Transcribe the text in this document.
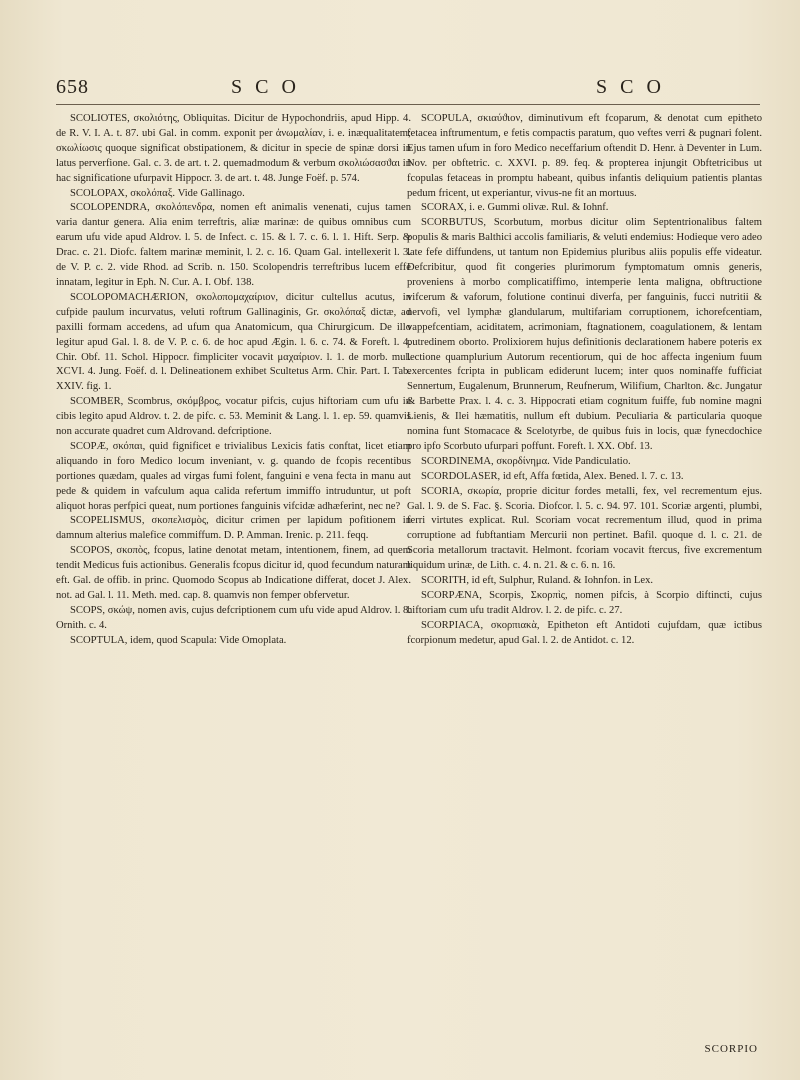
658	S C O	S C O

SCOLIOTES, σκολιότης, Obliquitas. Dicitur de Hypochondriis, apud Hipp. 4. de R. V. I. A. t. 87. ubi Gal. in comm. exponit per ἀνωμαλίαν, i. e. inæqualitatem; σκωλίωσις quoque significat obstipationem, & dicitur in specie de spinæ dorsi in latus perverfione. Gal. c. 3. de art. t. 2. quemadmodum & verbum σκολιώσασϑαι in hac significatione ufurpavit Hippocr. 3. de art. t. 48. Junge Foëf. p. 574.

SCOLOPAX, σκολόπαξ. Vide Gallinago.

SCOLOPENDRA, σκολόπενδρα, nomen eft animalis venenati, cujus tamen varia dantur genera. Alia enim terreftris, aliæ marinæ: de quibus omnibus cum earum ufu vide apud Aldrov. l. 5. de Infect. c. 15. & l. 7. c. 6. l. 1. Hift. Serp. & Drac. c. 21. Diofc. faltem marinæ meminit, l. 2. c. 16. Quam Gal. intellexerit l. 3. de V. P. c. 2. vide Rhod. ad Scrib. n. 150. Scolopendris terreftribus lucem effe innatam, legitur in Eph. N. Cur. A. I. Obf. 138.

SCOLOPOMACHÆRION, σκολοπομαχαίριον, dicitur cultellus acutus, in cufpide paulum incurvatus, veluti roftrum Gallinaginis, Gr. σκολόπαξ dictæ, ad paxilli formam accedens, ad ufum qua Anatomicum, qua Chirurgicum. De illo legitur apud Gal. l. 8. de V. P. c. 6. de hoc apud Ægin. l. 6. c. 74. & Foreft. l. 4. Chir. Obf. 11. Schol. Hippocr. fimpliciter vocavit μαχαίριον. l. 1. de morb. mul. XCVI. 4. Jung. Foëf. d. l. Delineationem exhibet Scultetus Arm. Chir. Part. I. Tab. XXIV. fig. 1.

SCOMBER, Scombrus, σκόμβρος, vocatur pifcis, cujus hiftoriam cum ufu in cibis legito apud Aldrov. t. 2. de pifc. c. 53. Meminit & Lang. l. 1. ep. 59. quamvis non accurate quadret cum Aldrovand. defcriptione.

SCOPÆ, σκόπαι, quid fignificet e trivialibus Lexicis fatis conftat, licet etiam aliquando in foro Medico locum inveniant, v. g. quando de fcopis recentibus portiones quædam, quales ad virgas fumi folent, fanguini e vena fecta in manu aut pede & quidem in vafculum aqua calida refertum immiffo intruduntur, ut poft aliquot horas perfpici queat, num portiones fanguinis vifcidæ adhæferint, nec ne?

SCOPELISMUS, σκοπελισμὸς, dicitur crimen per lapidum pofitionem in damnum alterius malefice commiffum. D. P. Amman. Irenic. p. 211. feqq.

SCOPOS, σκοπὸς, fcopus, latine denotat metam, intentionem, finem, ad quem tendit Medicus fuis actionibus. Generalis fcopus dicitur id, quod fecundum naturam eft. Gal. de offib. in princ. Quomodo Scopus ab Indicatione differat, docet J. Alex. not. ad Gal. l. 11. Meth. med. cap. 8. quamvis non femper obfervetur.

SCOPS, σκώψ, nomen avis, cujus defcriptionem cum ufu vide apud Aldrov. l. 8. Ornith. c. 4.

SCOPTULA, idem, quod Scapula: Vide Omoplata.

SCOPULA, σκιαύϑιον, diminutivum eft fcoparum, & denotat cum epitheto fetacea inftrumentum, e fetis compactis paratum, quo veftes verri & pugnari folent. Ejus tamen ufum in foro Medico neceffarium oftendit D. Henr. à Deventer in Lum. Nov. per obftetric. c. XXVI. p. 89. feq. & propterea injungit Obftetricibus ut fcopulas fetaceas in promptu habeant, quibus infantis deliquium patientis plantas pedum fricent, ut experiantur, vivus-ne fit an mortuus.

SCORAX, i. e. Gummi olivæ. Rul. & Iohnf.

SCORBUTUS, Scorbutum, morbus dicitur olim Septentrionalibus faltem populis & maris Balthici accolis familiaris, & veluti endemius: Hodieque vero adeo late fefe diffundens, ut tantum non Epidemius pluribus aliis populis effe videatur. Defcribitur, quod fit congeries plurimorum fymptomatum omnis generis, proveniens à morbo complicatiffimo, intemperie lenta maligna, obftructione vifcerum & vaforum, folutione continui diverfa, per fanguinis, fucci nutritii & nervofi, vel lymphæ glandularum, multifariam corruptionem, ichorefcentiam, vappefcentiam, aciditatem, acrimoniam, ftagnationem, coagulationem, & lentam putredinem oborto. Prolixiorem hujus definitionis declarationem habere poteris ex lectione quamplurium Autorum recentiorum, qui de hoc affecta ingenium fuum exercentes fcripta in publicam ediderunt lucem; inter quos nominaffe fufficiat Sennertum, Eugalenum, Brunnerum, Reufnerum, Wilifium, Charlton. &c. Jungatur & Barbette Prax. l. 4. c. 3. Hippocrati etiam cognitum fuiffe, fub nomine magni Lienis, & Ilei hæmatitis, nullum eft dubium. Peculiaria & particularia quoque nomina funt Stomacace & Scelotyrbe, de quibus fuis in locis, quæ fynecdochice pro ipfo Scorbuto ufurpari poffunt. Foreft. l. XX. Obf. 13.

SCORDINEMA, σκορδίνημα. Vide Pandiculatio.

SCORDOLASER, id eft, Affa fœtida, Alex. Bened. l. 7. c. 13.

SCORIA, σκωρία, proprie dicitur fordes metalli, fex, vel recrementum ejus. Gal. l. 9. de S. Fac. §. Scoria. Diofcor. l. 5. c. 94. 97. 101. Scoriæ argenti, plumbi, ferri virtutes explicat. Rul. Scoriam vocat recrementum illud, quod in prima corruptione ad fubftantiam Mercurii non pertinet. Bafil. quoque d. l. c. 21. de Scoria metallorum tractavit. Helmont. fcoriam vocavit ftercus, five excrementum liquidum urinæ, de Lith. c. 4. n. 21. & c. 6. n. 16.

SCORITH, id eft, Sulphur, Ruland. & Iohnfon. in Lex.

SCORPÆNA, Scorpis, Σκορπὶς, nomen pifcis, à Scorpio diftincti, cujus hiftoriam cum ufu tradit Aldrov. l. 2. de pifc. c. 27.

SCORPIACA, σκορπιακὰ, Epitheton eft Antidoti cujufdam, quæ ictibus fcorpionum medetur, apud Gal. l. 2. de Antidot. c. 12.

SCORPIO
